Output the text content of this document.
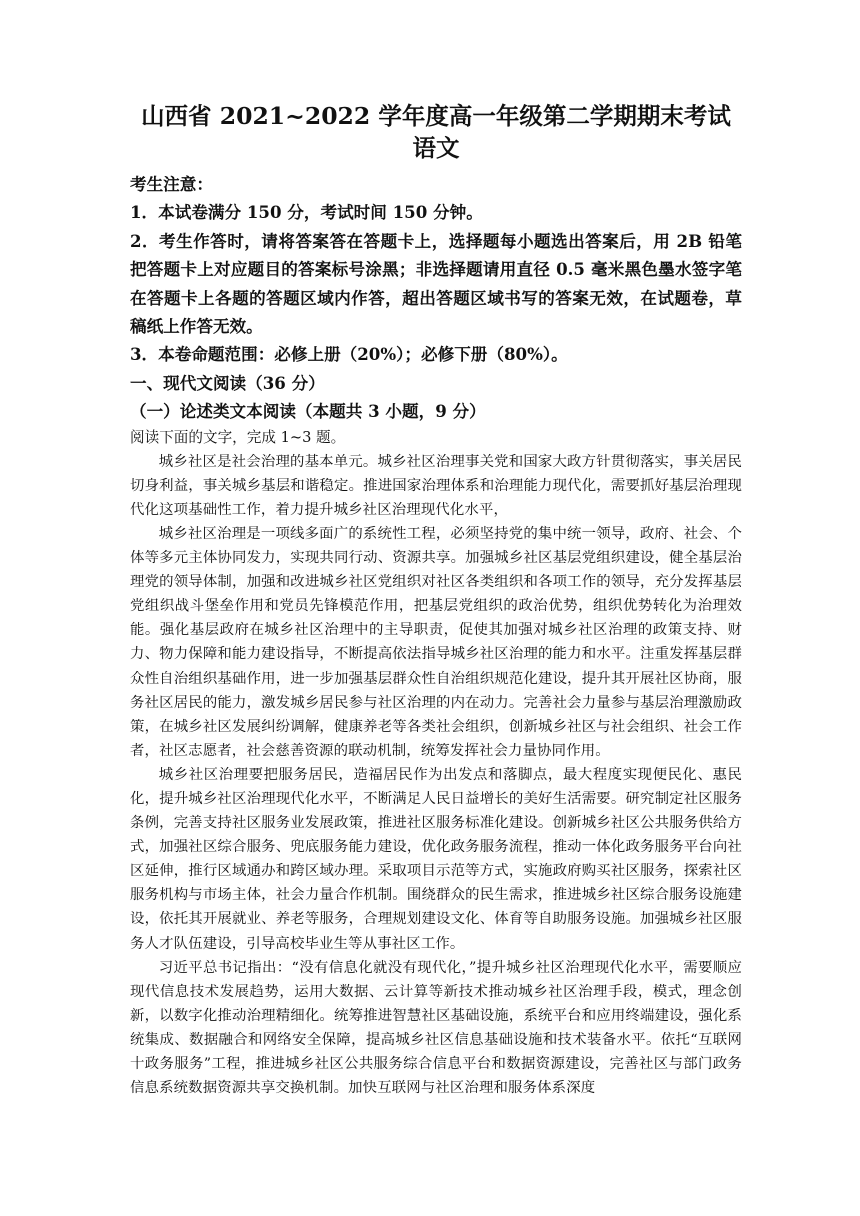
山西省 2021~2022 学年度高一年级第二学期期末考试
语文

考生注意：

1．本试卷满分 150 分，考试时间 150 分钟。

2．考生作答时，请将答案答在答题卡上，选择题每小题选出答案后，用 2B 铅笔把答题卡上对应题目的答案标号涂黑；非选择题请用直径 0.5 毫米黑色墨水签字笔在答题卡上各题的答题区域内作答，超出答题区域书写的答案无效，在试题卷，草稿纸上作答无效。

3．本卷命题范围：必修上册（20%）；必修下册（80%）。

一、现代文阅读（36 分）

（一）论述类文本阅读（本题共 3 小题，9 分）

阅读下面的文字，完成 1~3 题。

城乡社区是社会治理的基本单元。城乡社区治理事关党和国家大政方针贯彻落实，事关居民切身利益，事关城乡基层和谐稳定。推进国家治理体系和治理能力现代化，需要抓好基层治理现代化这项基础性工作，着力提升城乡社区治理现代化水平，

城乡社区治理是一项线多面广的系统性工程，必须坚持党的集中统一领导，政府、社会、个体等多元主体协同发力，实现共同行动、资源共享。加强城乡社区基层党组织建设，健全基层治理党的领导体制，加强和改进城乡社区党组织对社区各类组织和各项工作的领导，充分发挥基层党组织战斗堡垒作用和党员先锋模范作用，把基层党组织的政治优势，组织优势转化为治理效能。强化基层政府在城乡社区治理中的主导职责，促使其加强对城乡社区治理的政策支持、财力、物力保障和能力建设指导，不断提高依法指导城乡社区治理的能力和水平。注重发挥基层群众性自治组织基础作用，进一步加强基层群众性自治组织规范化建设，提升其开展社区协商，服务社区居民的能力，激发城乡居民参与社区治理的内在动力。完善社会力量参与基层治理激励政策，在城乡社区发展纠纷调解，健康养老等各类社会组织，创新城乡社区与社会组织、社会工作者，社区志愿者，社会慈善资源的联动机制，统筹发挥社会力量协同作用。

城乡社区治理要把服务居民，造福居民作为出发点和落脚点，最大程度实现便民化、惠民化，提升城乡社区治理现代化水平，不断满足人民日益增长的美好生活需要。研究制定社区服务条例，完善支持社区服务业发展政策，推进社区服务标准化建设。创新城乡社区公共服务供给方式，加强社区综合服务、兜底服务能力建设，优化政务服务流程，推动一体化政务服务平台向社区延伸，推行区域通办和跨区域办理。采取项目示范等方式，实施政府购买社区服务，探索社区服务机构与市场主体，社会力量合作机制。围绕群众的民生需求，推进城乡社区综合服务设施建设，依托其开展就业、养老等服务，合理规划建设文化、体育等自助服务设施。加强城乡社区服务人才队伍建设，引导高校毕业生等从事社区工作。

习近平总书记指出：“没有信息化就没有现代化，”提升城乡社区治理现代化水平，需要顺应现代信息技术发展趋势，运用大数据、云计算等新技术推动城乡社区治理手段，模式，理念创新，以数字化推动治理精细化。统筹推进智慧社区基础设施，系统平台和应用终端建设，强化系统集成、数据融合和网络安全保障，提高城乡社区信息基础设施和技术装备水平。依托“互联网十政务服务”工程，推进城乡社区公共服务综合信息平台和数据资源建设，完善社区与部门政务信息系统数据资源共享交换机制。加快互联网与社区治理和服务体系深度
